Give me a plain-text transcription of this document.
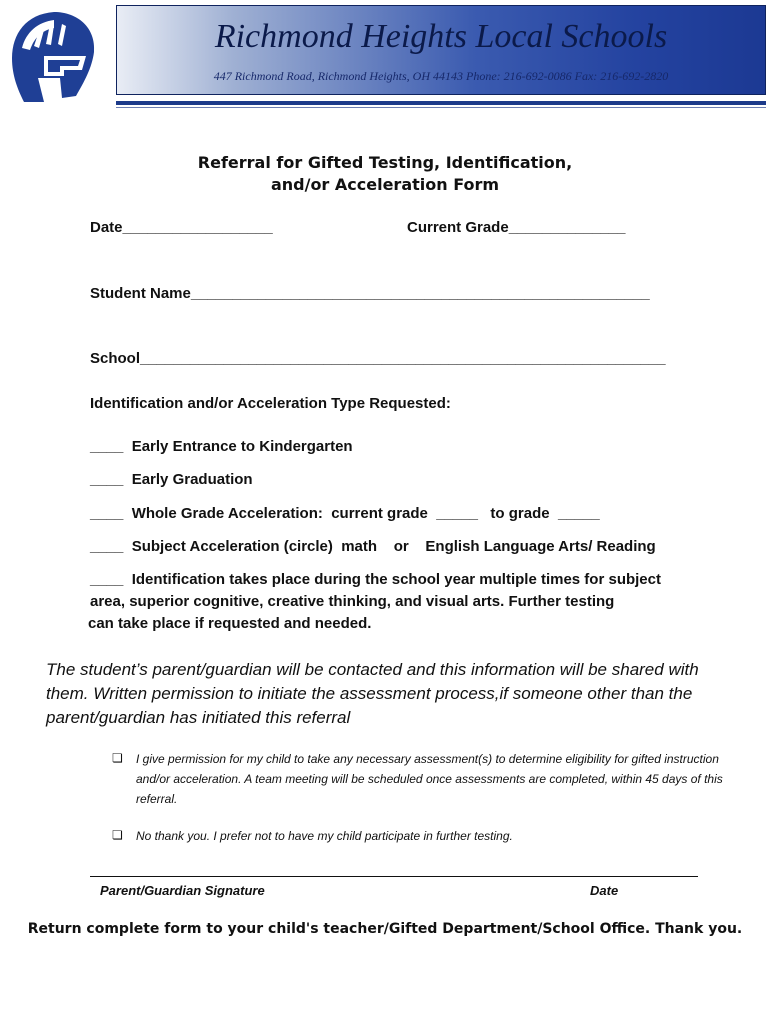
Richmond Heights Local Schools
447 Richmond Road, Richmond Heights, OH 44143 Phone: 216-692-0086 Fax: 216-692-2820
Referral for Gifted Testing, Identification,
and/or Acceleration Form
Date__________________	Current Grade______________
Student Name_______________________________________________________
School_______________________________________________________________
Identification and/or Acceleration Type Requested:
____  Early Entrance to Kindergarten
____  Early Graduation
____  Whole Grade Acceleration:  current grade  _____   to grade  _____
____  Subject Acceleration (circle)  math    or    English Language Arts/ Reading
____  Identification takes place during the school year multiple times for subject
area, superior cognitive, creative thinking, and visual arts. Further testing
can take place if requested and needed.
The student’s parent/guardian will be contacted and this information will be shared with
them. Written permission to initiate the assessment process,if someone other than the
parent/guardian has initiated this referral
❏ I give permission for my child to take any necessary assessment(s) to determine eligibility for gifted instruction and/or acceleration. A team meeting will be scheduled once assessments are completed, within 45 days of this referral.
❏ No thank you. I prefer not to have my child participate in further testing.
Parent/Guardian Signature	Date
Return complete form to your child's teacher/Gifted Department/School Office. Thank you.
